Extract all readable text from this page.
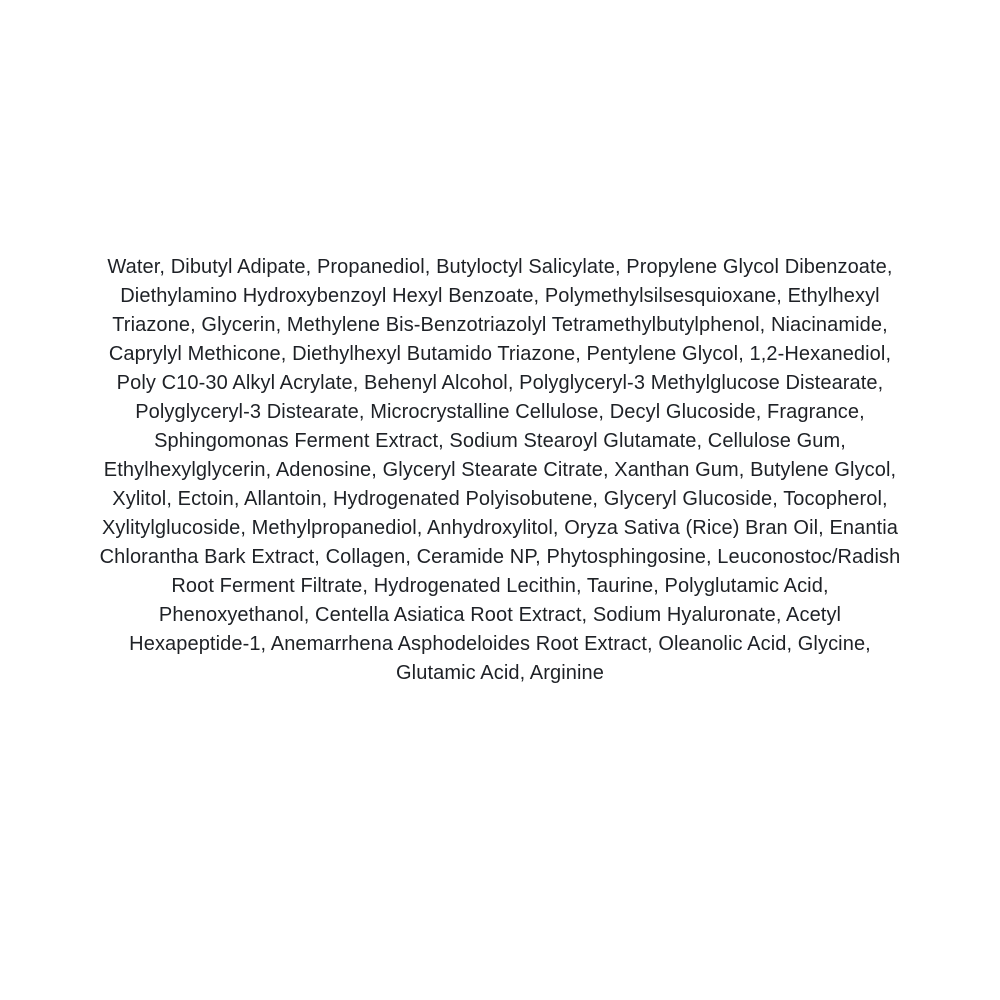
Water, Dibutyl Adipate, Propanediol, Butyloctyl Salicylate, Propylene Glycol Dibenzoate, Diethylamino Hydroxybenzoyl Hexyl Benzoate, Polymethylsilsesquioxane, Ethylhexyl Triazone, Glycerin, Methylene Bis-Benzotriazolyl Tetramethylbutylphenol, Niacinamide, Caprylyl Methicone, Diethylhexyl Butamido Triazone, Pentylene Glycol, 1,2-Hexanediol, Poly C10-30 Alkyl Acrylate, Behenyl Alcohol, Polyglyceryl-3 Methylglucose Distearate, Polyglyceryl-3 Distearate, Microcrystalline Cellulose, Decyl Glucoside, Fragrance, Sphingomonas Ferment Extract, Sodium Stearoyl Glutamate, Cellulose Gum, Ethylhexylglycerin, Adenosine, Glyceryl Stearate Citrate, Xanthan Gum, Butylene Glycol, Xylitol, Ectoin, Allantoin, Hydrogenated Polyisobutene, Glyceryl Glucoside, Tocopherol, Xylitylglucoside, Methylpropanediol, Anhydroxylitol, Oryza Sativa (Rice) Bran Oil, Enantia Chlorantha Bark Extract, Collagen, Ceramide NP, Phytosphingosine, Leuconostoc/Radish Root Ferment Filtrate, Hydrogenated Lecithin, Taurine, Polyglutamic Acid, Phenoxyethanol, Centella Asiatica Root Extract, Sodium Hyaluronate, Acetyl Hexapeptide-1, Anemarrhena Asphodeloides Root Extract, Oleanolic Acid, Glycine, Glutamic Acid, Arginine
